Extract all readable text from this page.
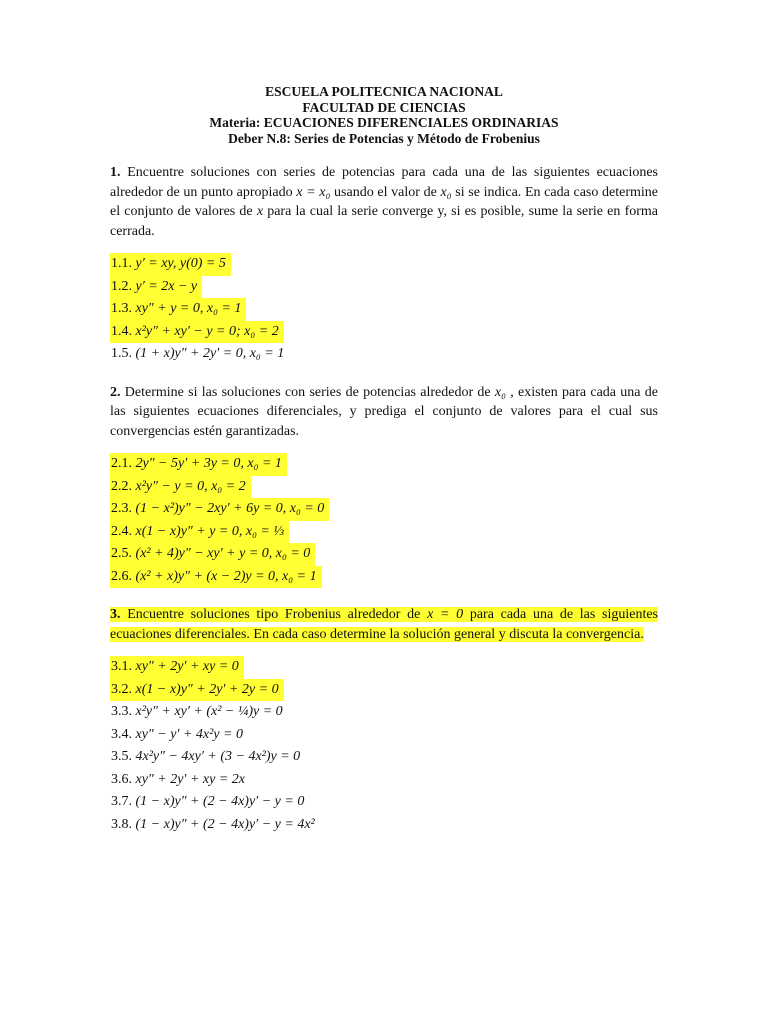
ESCUELA POLITECNICA NACIONAL
FACULTAD DE CIENCIAS
Materia: ECUACIONES DIFERENCIALES ORDINARIAS
Deber N.8: Series de Potencias y Método de Frobenius
1. Encuentre soluciones con series de potencias para cada una de las siguientes ecuaciones alrededor de un punto apropiado x = x₀ usando el valor de x₀ si se indica. En cada caso determine el conjunto de valores de x para la cual la serie converge y, si es posible, sume la serie en forma cerrada.
1.1. y′ = xy, y(0) = 5
1.2. y′ = 2x − y
1.3. xy″ + y = 0, x₀ = 1
1.4. x²y″ + xy′ − y = 0; x₀ = 2
1.5. (1 + x)y″ + 2y′ = 0, x₀ = 1
2. Determine si las soluciones con series de potencias alrededor de x₀ , existen para cada una de las siguientes ecuaciones diferenciales, y prediga el conjunto de valores para el cual sus convergencias estén garantizadas.
2.1. 2y″ − 5y′ + 3y = 0, x₀ = 1
2.2. x²y″ − y = 0, x₀ = 2
2.3. (1 − x²)y″ − 2xy′ + 6y = 0, x₀ = 0
2.4. x(1 − x)y″ + y = 0, x₀ = ⅓
2.5. (x² + 4)y″ − xy′ + y = 0, x₀ = 0
2.6. (x² + x)y″ + (x − 2)y = 0, x₀ = 1
3. Encuentre soluciones tipo Frobenius alrededor de x = 0 para cada una de las siguientes ecuaciones diferenciales. En cada caso determine la solución general y discuta la convergencia.
3.1. xy″ + 2y′ + xy = 0
3.2. x(1 − x)y″ + 2y′ + 2y = 0
3.3. x²y″ + xy′ + (x² − ¼)y = 0
3.4. xy″ − y′ + 4x²y = 0
3.5. 4x²y″ − 4xy′ + (3 − 4x²)y = 0
3.6. xy″ + 2y′ + xy = 2x
3.7. (1 − x)y″ + (2 − 4x)y′ − y = 0
3.8. (1 − x)y″ + (2 − 4x)y′ − y = 4x²
